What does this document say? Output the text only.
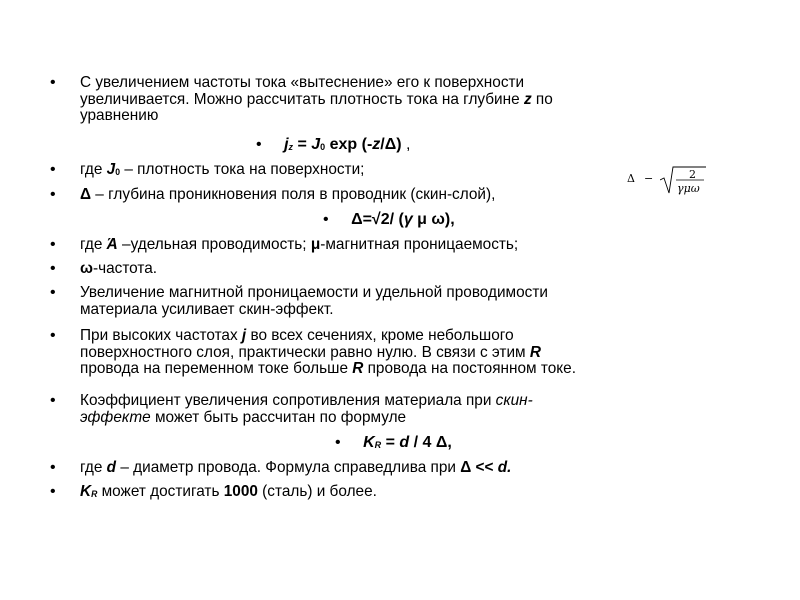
•	С увеличением частоты тока «вытеснение» его к поверхности
увеличивается. Можно рассчитать плотность тока на глубине z по
уравнению
• $j_z = J_0$ exp (-z/Δ) ,
•	где $J_0$ – плотность тока на поверхности;
•	Δ – глубина проникновения поля в проводник (скин-слой),
Δ −	2
γμω
• Δ=√2/ (γ μ ω),
•	где Ά –удельная проводимость; μ-магнитная проницаемость;
•	ω-частота.
•	Увеличение магнитной проницаемости и удельной проводимости
материала усиливает скин-эффект.
•	При высоких частотах j во всех сечениях, кроме небольшого
поверхностного слоя, практически равно нулю. В связи с этим R
провода на переменном токе больше R провода на постоянном токе.
•	Коэффициент увеличения сопротивления материала при скин-
эффекте может быть рассчитан по формуле
• $K_R = d / 4$ Δ,
•	где d – диаметр провода. Формула справедлива при Δ << d.
•	$K_R$ может достигать 1000 (сталь) и более.
